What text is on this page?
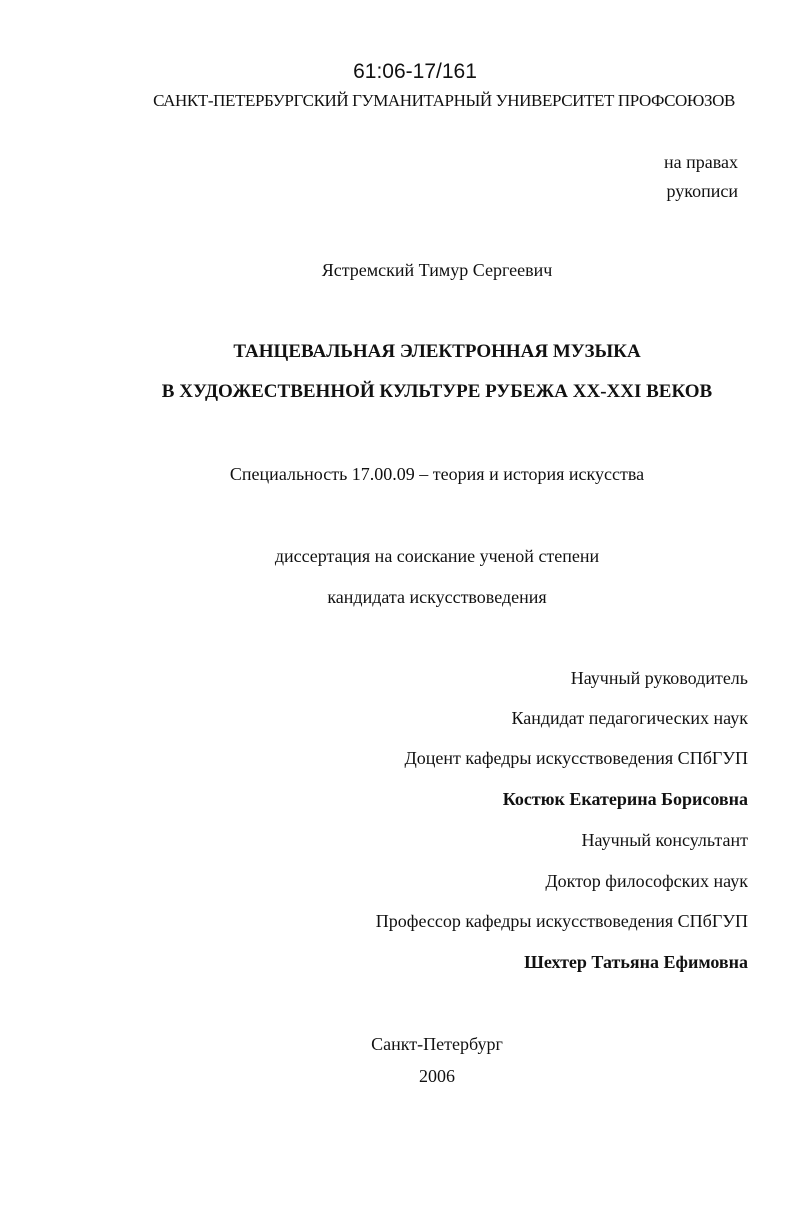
61:06-17/161
САНКТ-ПЕТЕРБУРГСКИЙ ГУМАНИТАРНЫЙ УНИВЕРСИТЕТ ПРОФСОЮЗОВ
на правах
рукописи
Ястремский Тимур Сергеевич
ТАНЦЕВАЛЬНАЯ ЭЛЕКТРОННАЯ МУЗЫКА
В ХУДОЖЕСТВЕННОЙ КУЛЬТУРЕ РУБЕЖА XX-XXI ВЕКОВ
Специальность 17.00.09 – теория и история искусства
диссертация на соискание ученой степени
кандидата искусствоведения
Научный руководитель
Кандидат педагогических наук
Доцент кафедры искусствоведения СПбГУП
Костюк Екатерина Борисовна
Научный консультант
Доктор философских наук
Профессор кафедры искусствоведения СПбГУП
Шехтер Татьяна Ефимовна
Санкт-Петербург
2006
